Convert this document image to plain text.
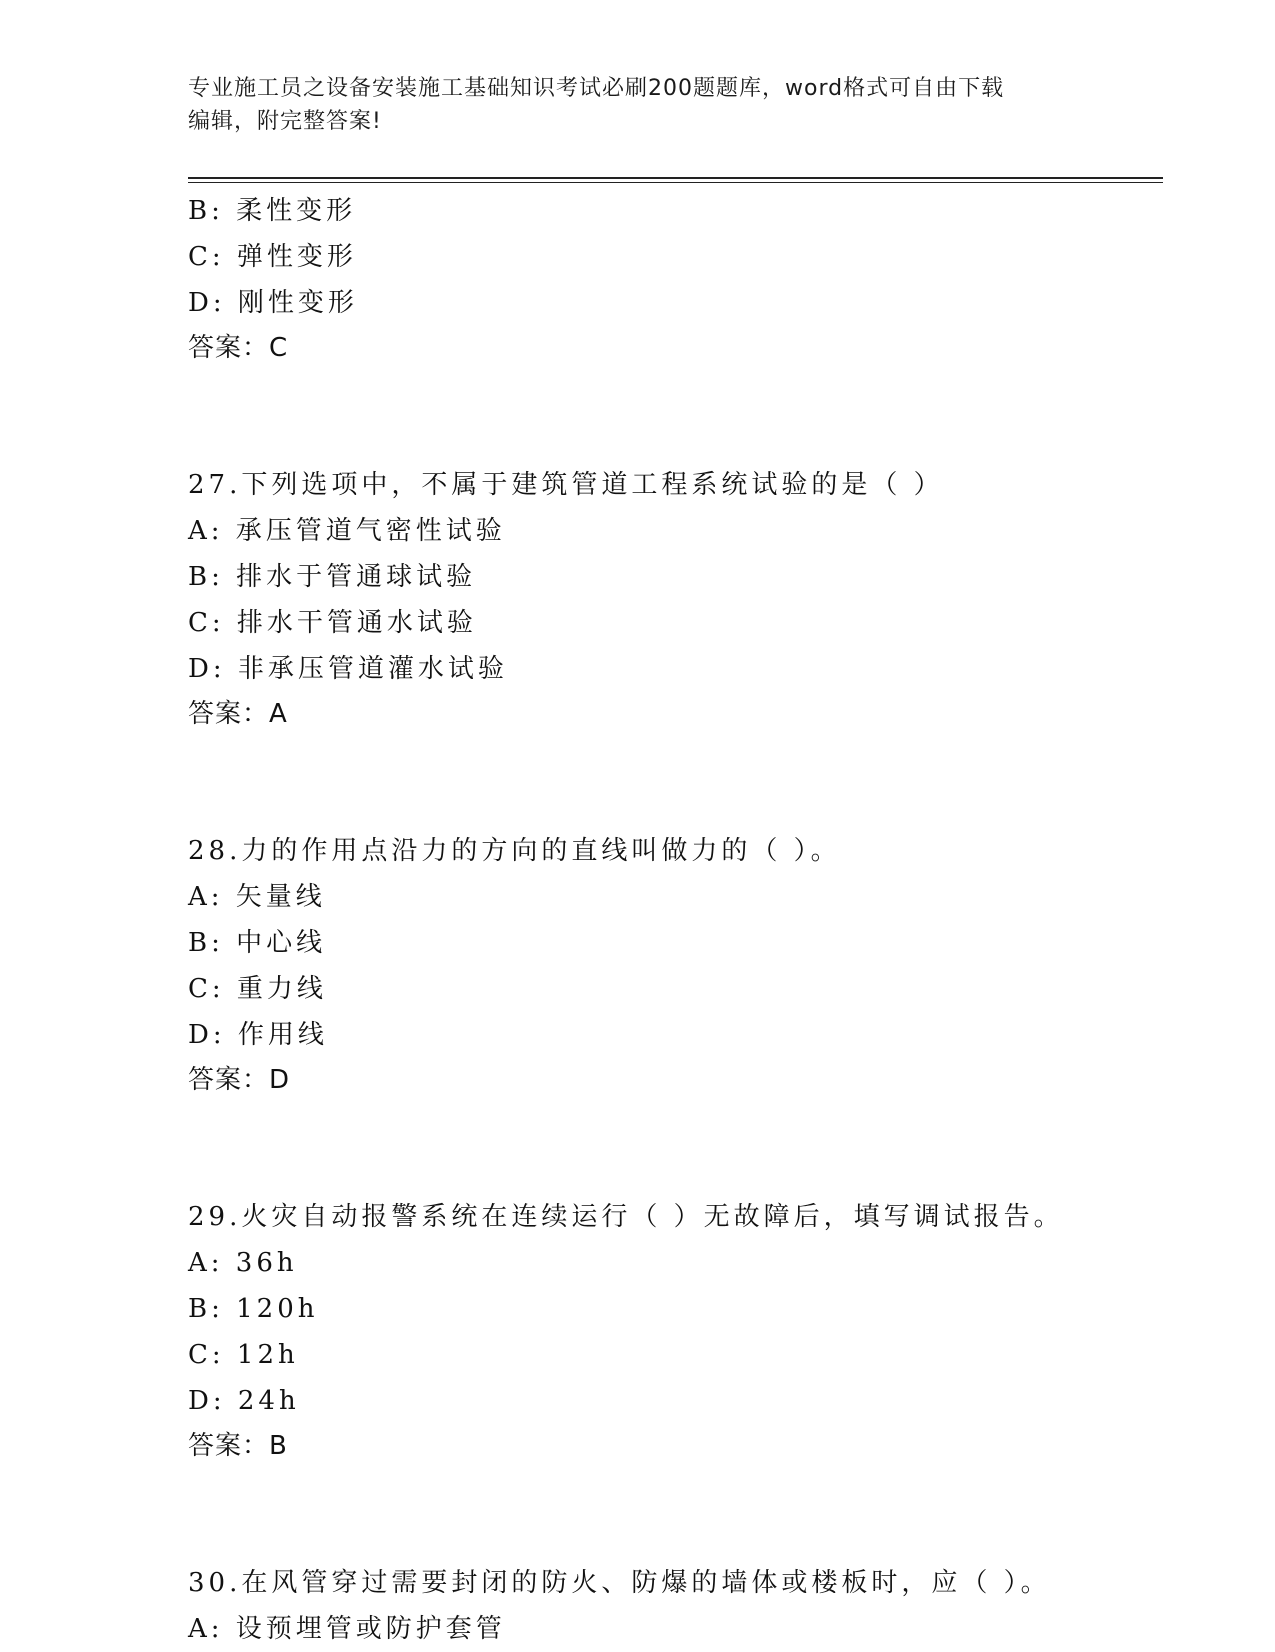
专业施工员之设备安装施工基础知识考试必刷200题题库，word格式可自由下载
编辑，附完整答案!
B: 柔性变形
C: 弹性变形
D: 刚性变形
答案：C
27.下列选项中，不属于建筑管道工程系统试验的是（ ）
A: 承压管道气密性试验
B: 排水于管通球试验
C: 排水干管通水试验
D: 非承压管道灌水试验
答案：A
28.力的作用点沿力的方向的直线叫做力的（ ）。
A: 矢量线
B: 中心线
C: 重力线
D: 作用线
答案：D
29.火灾自动报警系统在连续运行（ ）无故障后，填写调试报告。
A: 36h
B: 120h
C: 12h
D: 24h
答案：B
30.在风管穿过需要封闭的防火、防爆的墙体或楼板时，应（ ）。
A: 设预埋管或防护套管
